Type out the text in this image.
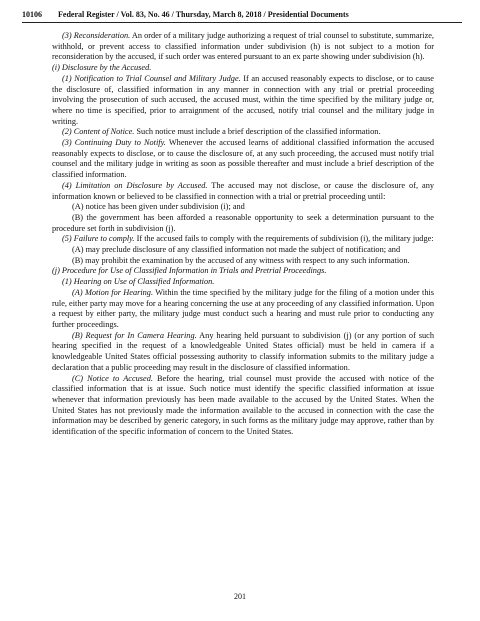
10106 Federal Register / Vol. 83, No. 46 / Thursday, March 8, 2018 / Presidential Documents

(3) Reconsideration. An order of a military judge authorizing a request of trial counsel to substitute, summarize, withhold, or prevent access to classified information under subdivision (h) is not subject to a motion for reconsideration by the accused, if such order was entered pursuant to an ex parte showing under subdivision (h).

(i) Disclosure by the Accused.

(1) Notification to Trial Counsel and Military Judge. If an accused reasonably expects to disclose, or to cause the disclosure of, classified information in any manner in connection with any trial or pretrial proceeding involving the prosecution of such accused, the accused must, within the time specified by the military judge or, where no time is specified, prior to arraignment of the accused, notify trial counsel and the military judge in writing.

(2) Content of Notice. Such notice must include a brief description of the classified information.

(3) Continuing Duty to Notify. Whenever the accused learns of additional classified information the accused reasonably expects to disclose, or to cause the disclosure of, at any such proceeding, the accused must notify trial counsel and the military judge in writing as soon as possible thereafter and must include a brief description of the classified information.

(4) Limitation on Disclosure by Accused. The accused may not disclose, or cause the disclosure of, any information known or believed to be classified in connection with a trial or pretrial proceeding until:

(A) notice has been given under subdivision (i); and

(B) the government has been afforded a reasonable opportunity to seek a determination pursuant to the procedure set forth in subdivision (j).

(5) Failure to comply. If the accused fails to comply with the requirements of subdivision (i), the military judge:

(A) may preclude disclosure of any classified information not made the subject of notification; and

(B) may prohibit the examination by the accused of any witness with respect to any such information.

(j) Procedure for Use of Classified Information in Trials and Pretrial Proceedings.

(1) Hearing on Use of Classified Information.

(A) Motion for Hearing. Within the time specified by the military judge for the filing of a motion under this rule, either party may move for a hearing concerning the use at any proceeding of any classified information. Upon a request by either party, the military judge must conduct such a hearing and must rule prior to conducting any further proceedings.

(B) Request for In Camera Hearing. Any hearing held pursuant to subdivision (j) (or any portion of such hearing specified in the request of a knowledgeable United States official) must be held in camera if a knowledgeable United States official possessing authority to classify information submits to the military judge a declaration that a public proceeding may result in the disclosure of classified information.

(C) Notice to Accused. Before the hearing, trial counsel must provide the accused with notice of the classified information that is at issue. Such notice must identify the specific classified information at issue whenever that information previously has been made available to the accused by the United States. When the United States has not previously made the information available to the accused in connection with the case the information may be described by generic category, in such forms as the military judge may approve, rather than by identification of the specific information of concern to the United States.

201
